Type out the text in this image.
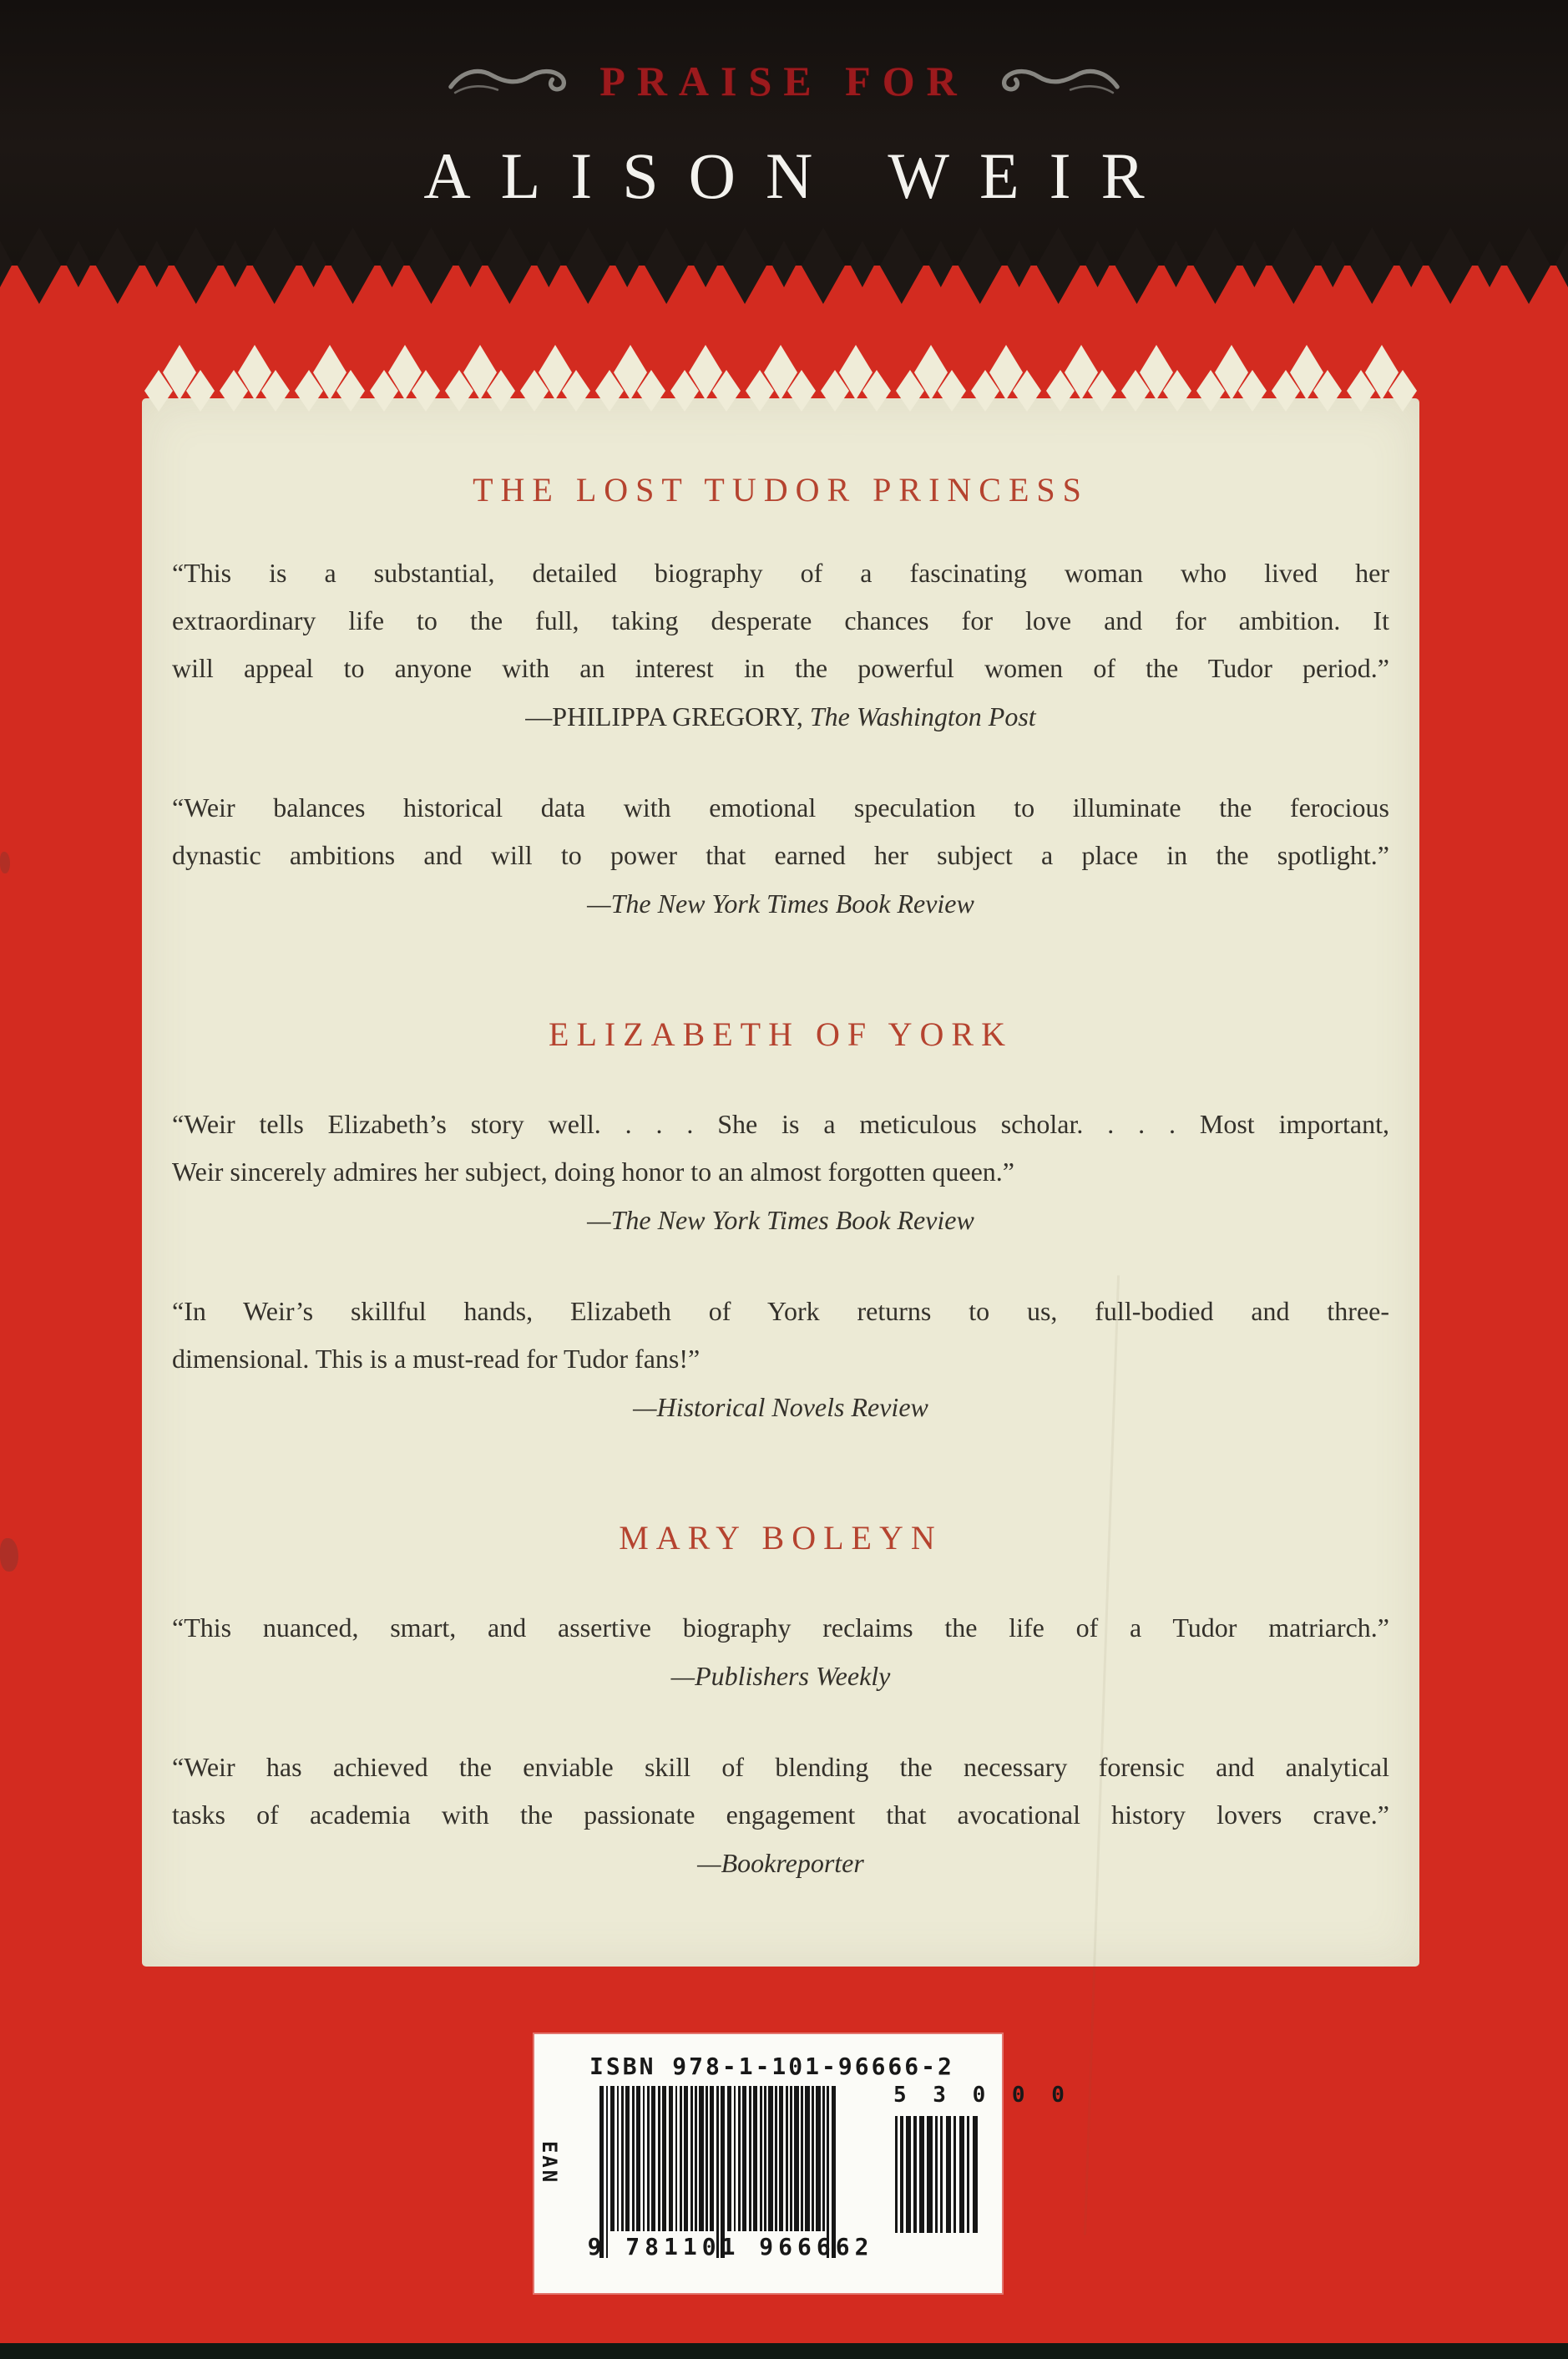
PRAISE FOR
ALISON WEIR
THE LOST TUDOR PRINCESS
“This is a substantial, detailed biography of a fascinating woman who lived her
extraordinary life to the full, taking desperate chances for love and for ambition. It
will appeal to anyone with an interest in the powerful women of the Tudor period.”
—PHILIPPA GREGORY, The Washington Post
“Weir balances historical data with emotional speculation to illuminate the ferocious
dynastic ambitions and will to power that earned her subject a place in the spotlight.”
—The New York Times Book Review
ELIZABETH OF YORK
“Weir tells Elizabeth’s story well. . . . She is a meticulous scholar. . . . Most important,
Weir sincerely admires her subject, doing honor to an almost forgotten queen.”
—The New York Times Book Review
“In Weir’s skillful hands, Elizabeth of York returns to us, full-bodied and three-
dimensional. This is a must-read for Tudor fans!”
—Historical Novels Review
MARY BOLEYN
“This nuanced, smart, and assertive biography reclaims the life of a Tudor matriarch.”
—Publishers Weekly
“Weir has achieved the enviable skill of blending the necessary forensic and analytical
tasks of academia with the passionate engagement that avocational history lovers crave.”
—Bookreporter
ISBN 978-1-101-96666-2
EAN
9 781101 966662
5 3 0 0 0
